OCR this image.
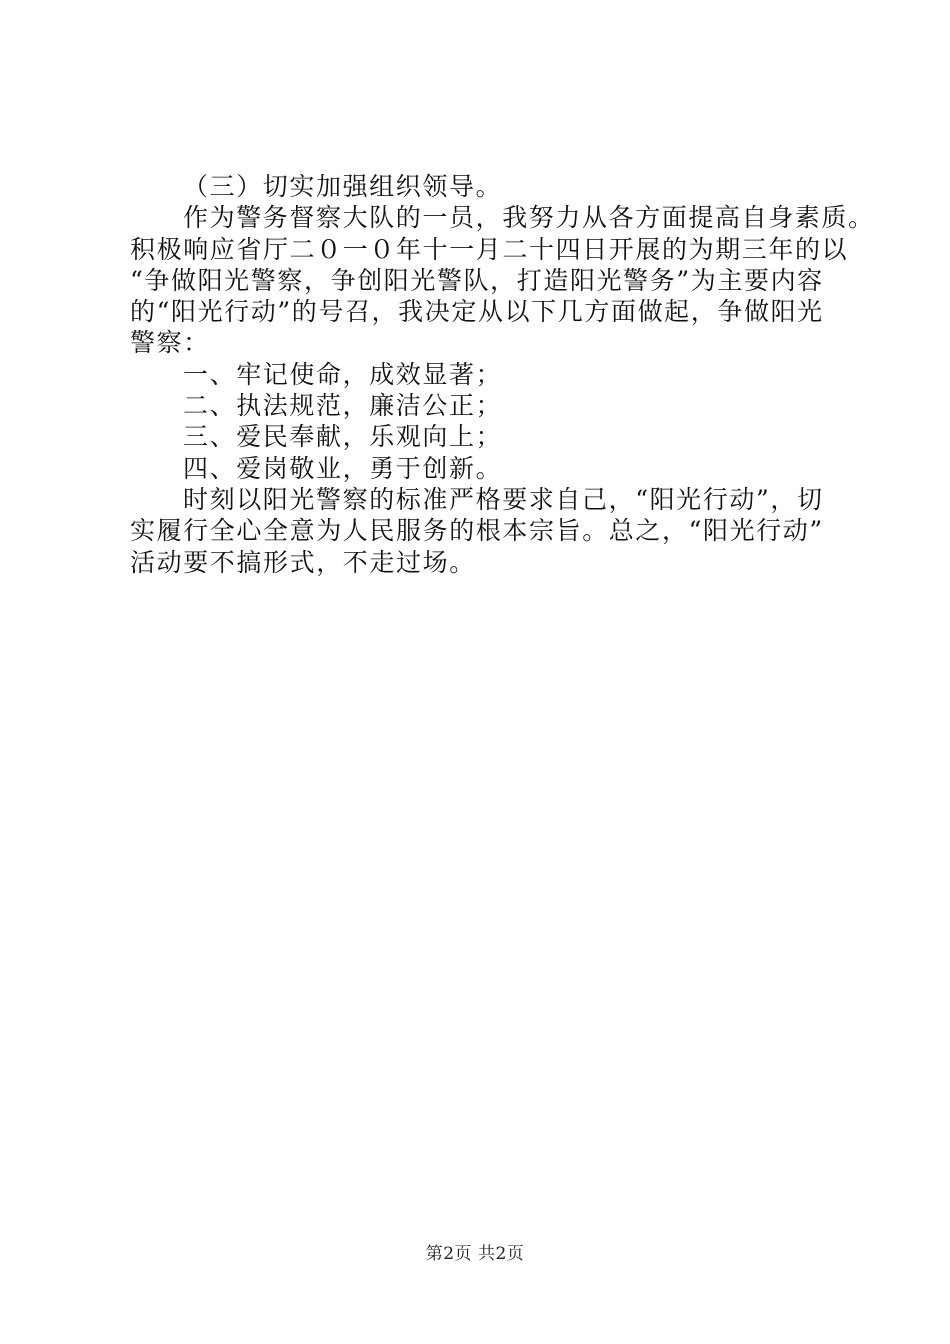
（三）切实加强组织领导。
作为警务督察大队的一员，我努力从各方面提高自身素质。
积极响应省厅二０一０年十一月二十四日开展的为期三年的以
“争做阳光警察，争创阳光警队，打造阳光警务”为主要内容
的“阳光行动”的号召，我决定从以下几方面做起，争做阳光
警察：
一、牢记使命，成效显著；
二、执法规范，廉洁公正；
三、爱民奉献，乐观向上；
四、爱岗敬业，勇于创新。
时刻以阳光警察的标准严格要求自己，“阳光行动”，切
实履行全心全意为人民服务的根本宗旨。总之，“阳光行动”
活动要不搞形式，不走过场。
第2页 共2页
